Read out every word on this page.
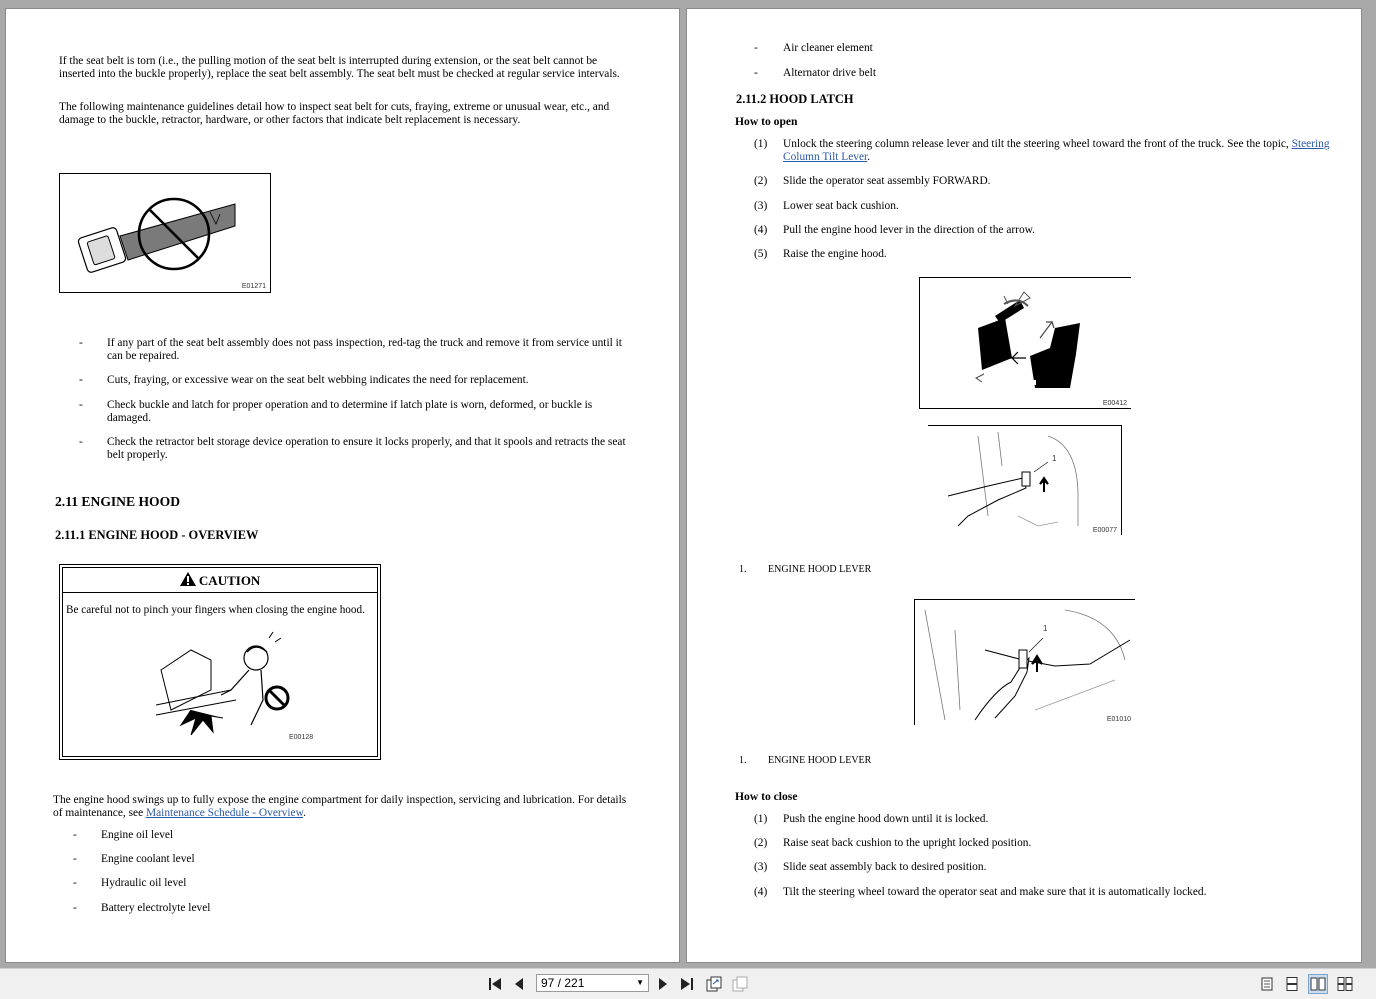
If the seat belt is torn (i.e., the pulling motion of the seat belt is interrupted during extension, or the seat belt cannot be inserted into the buckle properly), replace the seat belt assembly. The seat belt must be checked at regular service intervals.

The following maintenance guidelines detail how to inspect seat belt for cuts, fraying, extreme or unusual wear, etc., and damage to the buckle, retractor, hardware, or other factors that indicate belt replacement is necessary.

E01271
- If any part of the seat belt assembly does not pass inspection, red-tag the truck and remove it from service until it can be repaired.
- Cuts, fraying, or excessive wear on the seat belt webbing indicates the need for replacement.
- Check buckle and latch for proper operation and to determine if latch plate is worn, deformed, or buckle is damaged.
- Check the retractor belt storage device operation to ensure it locks properly, and that it spools and retracts the seat belt properly.
2.11 ENGINE HOOD
2.11.1 ENGINE HOOD - OVERVIEW
CAUTION
Be careful not to pinch your fingers when closing the engine hood.
E00128

The engine hood swings up to fully expose the engine compartment for daily inspection, servicing and lubrication. For details of maintenance, see Maintenance Schedule - Overview.

- Engine oil level
- Engine coolant level
- Hydraulic oil level
- Battery electrolyte level
- Air cleaner element
- Alternator drive belt
2.11.2 HOOD LATCH
How to open
(1) Unlock the steering column release lever and tilt the steering wheel toward the front of the truck. See the topic, Steering Column Tilt Lever.
(2) Slide the operator seat assembly FORWARD.
(3) Lower seat back cushion.
(4) Pull the engine hood lever in the direction of the arrow.
(5) Raise the engine hood.
E00412
1
E00077
1. ENGINE HOOD LEVER
1
E01010
1. ENGINE HOOD LEVER
How to close
(1) Push the engine hood down until it is locked.
(2) Raise seat back cushion to the upright locked position.
(3) Slide seat assembly back to desired position.
(4) Tilt the steering wheel toward the operator seat and make sure that it is automatically locked.
97 / 221	▼
